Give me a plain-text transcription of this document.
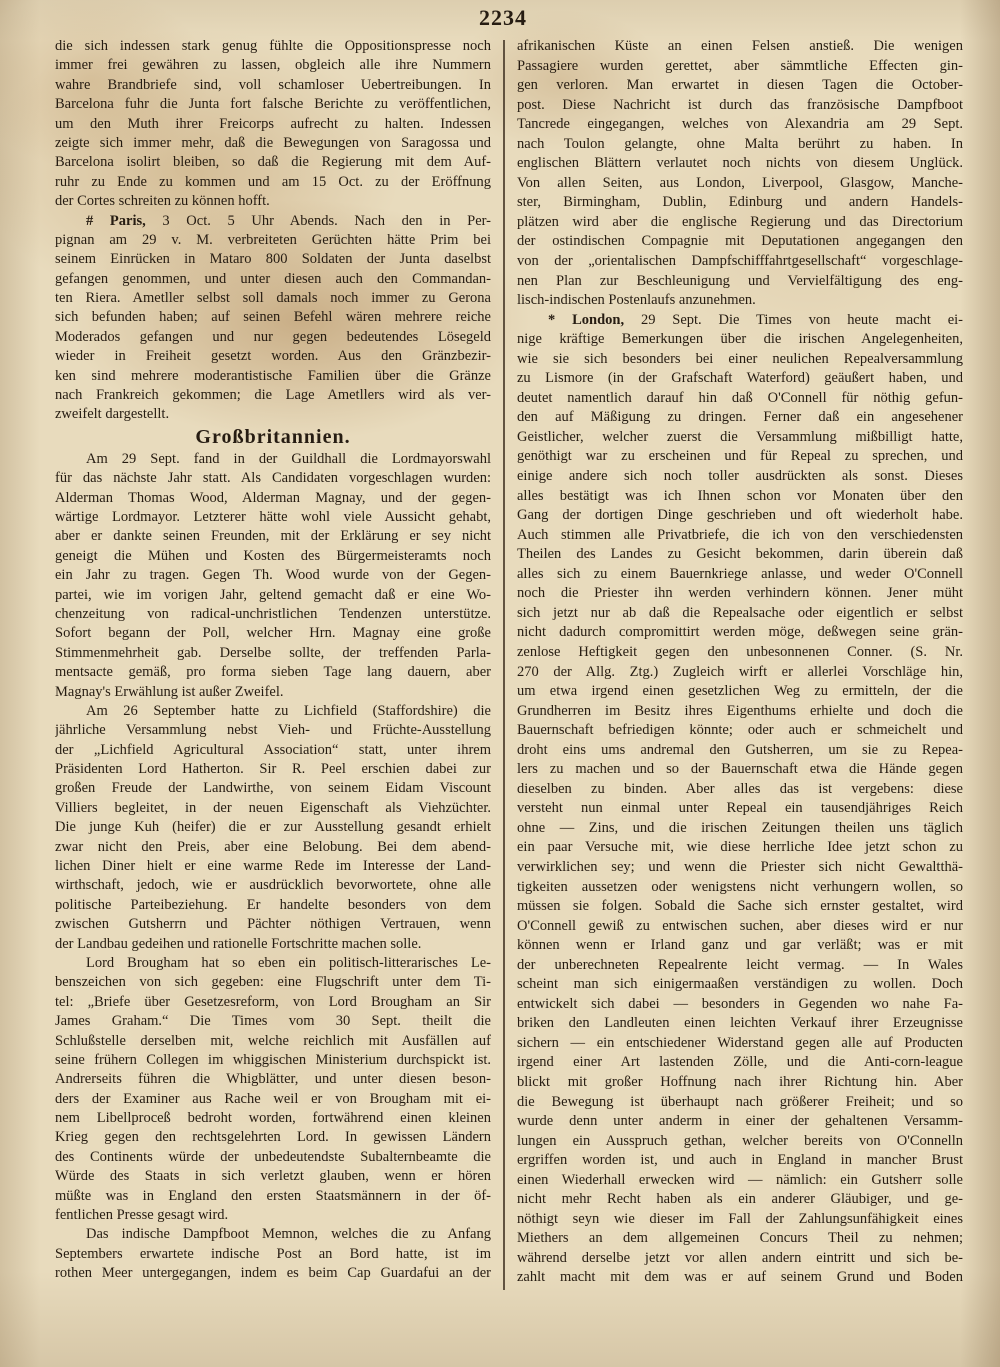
2234
die sich indessen stark genug fühlte die Oppositionspresse noch
immer frei gewähren zu lassen, obgleich alle ihre Nummern
wahre Brandbriefe sind, voll schamloser Uebertreibungen. In
Barcelona fuhr die Junta fort falsche Berichte zu veröffentlichen,
um den Muth ihrer Freicorps aufrecht zu halten. Indessen
zeigte sich immer mehr, daß die Bewegungen von Saragossa und
Barcelona isolirt bleiben, so daß die Regierung mit dem Auf-
ruhr zu Ende zu kommen und am 15 Oct. zu der Eröffnung
der Cortes schreiten zu können hofft.
# Paris, 3 Oct. 5 Uhr Abends. Nach den in Per-
pignan am 29 v. M. verbreiteten Gerüchten hätte Prim bei
seinem Einrücken in Mataro 800 Soldaten der Junta daselbst
gefangen genommen, und unter diesen auch den Commandan-
ten Riera. Ametller selbst soll damals noch immer zu Gerona
sich befunden haben; auf seinen Befehl wären mehrere reiche
Moderados gefangen und nur gegen bedeutendes Lösegeld
wieder in Freiheit gesetzt worden. Aus den Gränzbezir-
ken sind mehrere moderantistische Familien über die Gränze
nach Frankreich gekommen; die Lage Ametllers wird als ver-
zweifelt dargestellt.
Großbritannien.
Am 29 Sept. fand in der Guildhall die Lordmayorswahl
für das nächste Jahr statt. Als Candidaten vorgeschlagen wurden:
Alderman Thomas Wood, Alderman Magnay, und der gegen-
wärtige Lordmayor. Letzterer hätte wohl viele Aussicht gehabt,
aber er dankte seinen Freunden, mit der Erklärung er sey nicht
geneigt die Mühen und Kosten des Bürgermeisteramts noch
ein Jahr zu tragen. Gegen Th. Wood wurde von der Gegen-
partei, wie im vorigen Jahr, geltend gemacht daß er eine Wo-
chenzeitung von radical-unchristlichen Tendenzen unterstütze.
Sofort begann der Poll, welcher Hrn. Magnay eine große
Stimmenmehrheit gab. Derselbe sollte, der treffenden Parla-
mentsacte gemäß, pro forma sieben Tage lang dauern, aber
Magnay's Erwählung ist außer Zweifel.
Am 26 September hatte zu Lichfield (Staffordshire) die
jährliche Versammlung nebst Vieh- und Früchte-Ausstellung
der „Lichfield Agricultural Association“ statt, unter ihrem
Präsidenten Lord Hatherton. Sir R. Peel erschien dabei zur
großen Freude der Landwirthe, von seinem Eidam Viscount
Villiers begleitet, in der neuen Eigenschaft als Viehzüchter.
Die junge Kuh (heifer) die er zur Ausstellung gesandt erhielt
zwar nicht den Preis, aber eine Belobung. Bei dem abend-
lichen Diner hielt er eine warme Rede im Interesse der Land-
wirthschaft, jedoch, wie er ausdrücklich bevorwortete, ohne alle
politische Parteibeziehung. Er handelte besonders von dem
zwischen Gutsherrn und Pächter nöthigen Vertrauen, wenn
der Landbau gedeihen und rationelle Fortschritte machen solle.
Lord Brougham hat so eben ein politisch-litterarisches Le-
benszeichen von sich gegeben: eine Flugschrift unter dem Ti-
tel: „Briefe über Gesetzesreform, von Lord Brougham an Sir
James Graham.“ Die Times vom 30 Sept. theilt die
Schlußstelle derselben mit, welche reichlich mit Ausfällen auf
seine frühern Collegen im whiggischen Ministerium durchspickt ist.
Andrerseits führen die Whigblätter, und unter diesen beson-
ders der Examiner aus Rache weil er von Brougham mit ei-
nem Libellproceß bedroht worden, fortwährend einen kleinen
Krieg gegen den rechtsgelehrten Lord. In gewissen Ländern
des Continents würde der unbedeutendste Subalternbeamte die
Würde des Staats in sich verletzt glauben, wenn er hören
müßte was in England den ersten Staatsmännern in der öf-
fentlichen Presse gesagt wird.
Das indische Dampfboot Memnon, welches die zu Anfang
Septembers erwartete indische Post an Bord hatte, ist im
rothen Meer untergegangen, indem es beim Cap Guardafui an der
afrikanischen Küste an einen Felsen anstieß. Die wenigen
Passagiere wurden gerettet, aber sämmtliche Effecten gin-
gen verloren. Man erwartet in diesen Tagen die October-
post. Diese Nachricht ist durch das französische Dampfboot
Tancrede eingegangen, welches von Alexandria am 29 Sept.
nach Toulon gelangte, ohne Malta berührt zu haben. In
englischen Blättern verlautet noch nichts von diesem Unglück.
Von allen Seiten, aus London, Liverpool, Glasgow, Manche-
ster, Birmingham, Dublin, Edinburg und andern Handels-
plätzen wird aber die englische Regierung und das Directorium
der ostindischen Compagnie mit Deputationen angegangen den
von der „orientalischen Dampfschifffahrtgesellschaft“ vorgeschlage-
nen Plan zur Beschleunigung und Vervielfältigung des eng-
lisch-indischen Postenlaufs anzunehmen.
* London, 29 Sept. Die Times von heute macht ei-
nige kräftige Bemerkungen über die irischen Angelegenheiten,
wie sie sich besonders bei einer neulichen Repealversammlung
zu Lismore (in der Grafschaft Waterford) geäußert haben, und
deutet namentlich darauf hin daß O'Connell für nöthig gefun-
den auf Mäßigung zu dringen. Ferner daß ein angesehener
Geistlicher, welcher zuerst die Versammlung mißbilligt hatte,
genöthigt war zu erscheinen und für Repeal zu sprechen, und
einige andere sich noch toller ausdrückten als sonst. Dieses
alles bestätigt was ich Ihnen schon vor Monaten über den
Gang der dortigen Dinge geschrieben und oft wiederholt habe.
Auch stimmen alle Privatbriefe, die ich von den verschiedensten
Theilen des Landes zu Gesicht bekommen, darin überein daß
alles sich zu einem Bauernkriege anlasse, und weder O'Connell
noch die Priester ihn werden verhindern können. Jener müht
sich jetzt nur ab daß die Repealsache oder eigentlich er selbst
nicht dadurch compromittirt werden möge, deßwegen seine grän-
zenlose Heftigkeit gegen den unbesonnenen Conner. (S. Nr.
270 der Allg. Ztg.) Zugleich wirft er allerlei Vorschläge hin,
um etwa irgend einen gesetzlichen Weg zu ermitteln, der die
Grundherren im Besitz ihres Eigenthums erhielte und doch die
Bauernschaft befriedigen könnte; oder auch er schmeichelt und
droht eins ums andremal den Gutsherren, um sie zu Repea-
lers zu machen und so der Bauernschaft etwa die Hände gegen
dieselben zu binden. Aber alles das ist vergebens: diese
versteht nun einmal unter Repeal ein tausendjähriges Reich
ohne — Zins, und die irischen Zeitungen theilen uns täglich
ein paar Versuche mit, wie diese herrliche Idee jetzt schon zu
verwirklichen sey; und wenn die Priester sich nicht Gewaltthä-
tigkeiten aussetzen oder wenigstens nicht verhungern wollen, so
müssen sie folgen. Sobald die Sache sich ernster gestaltet, wird
O'Connell gewiß zu entwischen suchen, aber dieses wird er nur
können wenn er Irland ganz und gar verläßt; was er mit
der unberechneten Repealrente leicht vermag. — In Wales
scheint man sich einigermaaßen verständigen zu wollen. Doch
entwickelt sich dabei — besonders in Gegenden wo nahe Fa-
briken den Landleuten einen leichten Verkauf ihrer Erzeugnisse
sichern — ein entschiedener Widerstand gegen alle auf Producten
irgend einer Art lastenden Zölle, und die Anti-corn-league
blickt mit großer Hoffnung nach ihrer Richtung hin. Aber
die Bewegung ist überhaupt nach größerer Freiheit; und so
wurde denn unter anderm in einer der gehaltenen Versamm-
lungen ein Ausspruch gethan, welcher bereits von O'Connelln
ergriffen worden ist, und auch in England in mancher Brust
einen Wiederhall erwecken wird — nämlich: ein Gutsherr solle
nicht mehr Recht haben als ein anderer Gläubiger, und ge-
nöthigt seyn wie dieser im Fall der Zahlungsunfähigkeit eines
Miethers an dem allgemeinen Concurs Theil zu nehmen;
während derselbe jetzt vor allen andern eintritt und sich be-
zahlt macht mit dem was er auf seinem Grund und Boden
